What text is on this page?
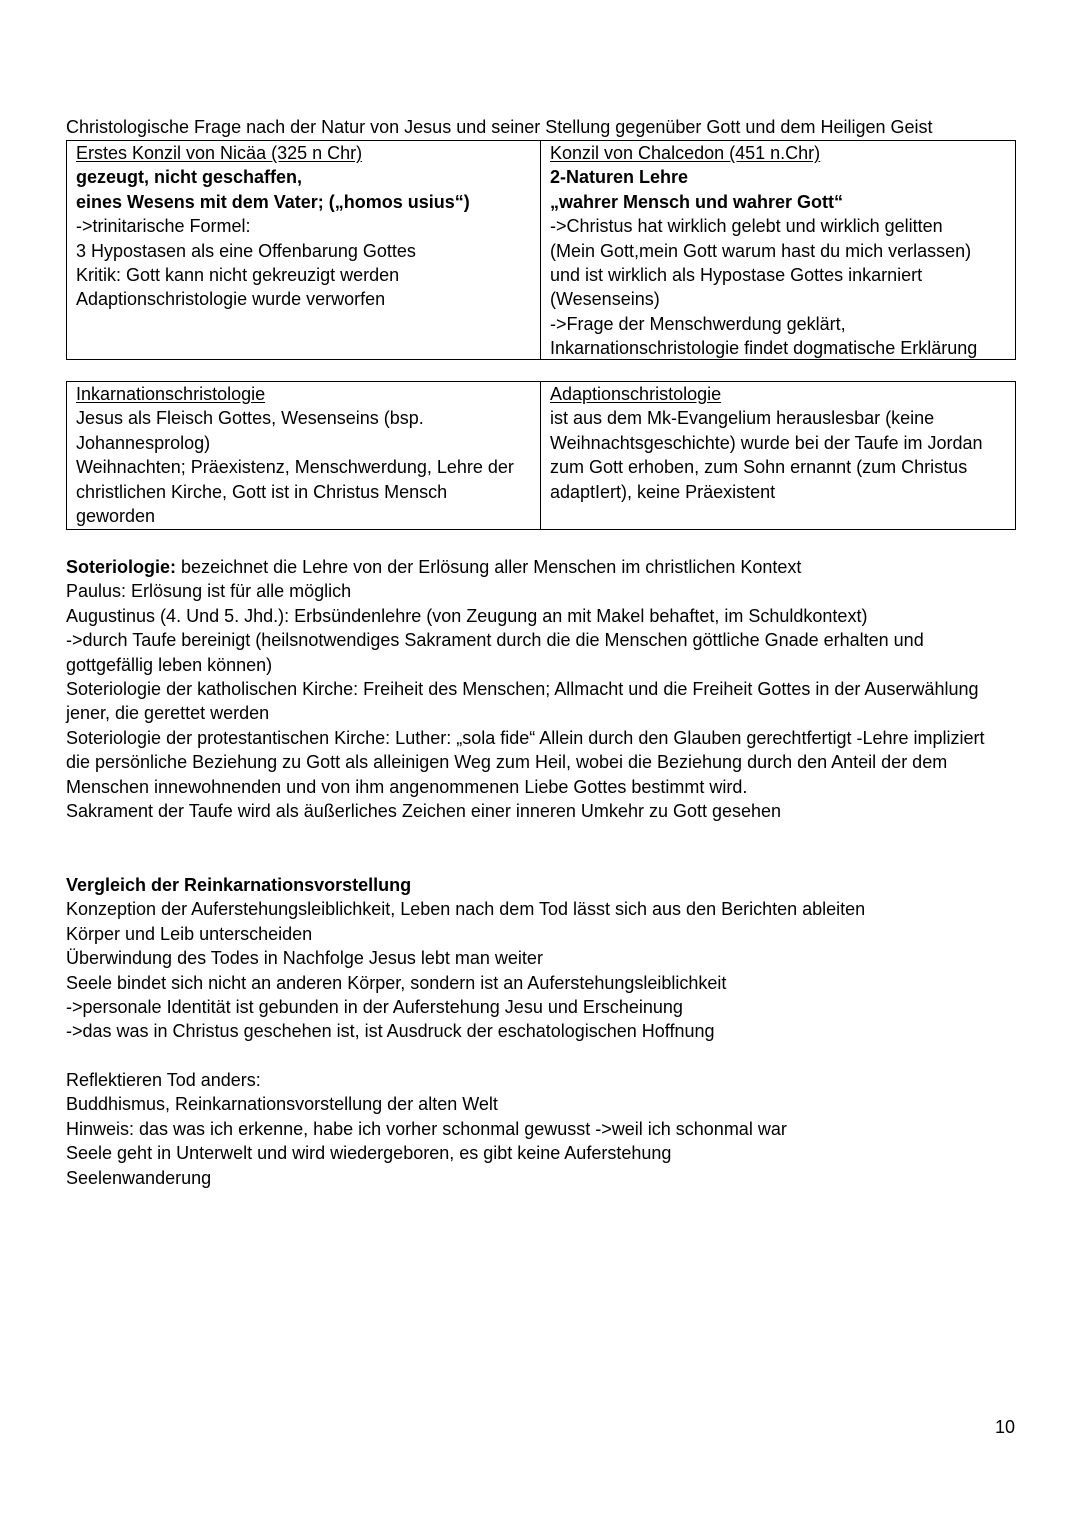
Christologische Frage nach der Natur von Jesus und seiner Stellung gegenüber Gott und dem Heiligen Geist
Erstes Konzil von Nicäa (325 n Chr)
gezeugt, nicht geschaffen,
eines Wesens mit dem Vater; („homos usius“)
->trinitarische Formel:
3 Hypostasen als eine Offenbarung Gottes
Kritik: Gott kann nicht gekreuzigt werden
Adaptionschristologie wurde verworfen
Konzil von Chalcedon (451 n.Chr)
2-Naturen Lehre
„wahrer Mensch und wahrer Gott“
->Christus hat wirklich gelebt und wirklich gelitten
(Mein Gott,mein Gott warum hast du mich verlassen)
und ist wirklich als Hypostase Gottes inkarniert
(Wesenseins)
->Frage der Menschwerdung geklärt,
Inkarnationschristologie findet dogmatische Erklärung
Inkarnationschristologie
Jesus als Fleisch Gottes, Wesenseins (bsp.
Johannesprolog)
Weihnachten; Präexistenz, Menschwerdung, Lehre der
christlichen Kirche, Gott ist in Christus Mensch
geworden
Adaptionschristologie
ist aus dem Mk-Evangelium herauslesbar (keine
Weihnachtsgeschichte) wurde bei der Taufe im Jordan
zum Gott erhoben, zum Sohn ernannt (zum Christus
adaptIert), keine Präexistent
Soteriologie: bezeichnet die Lehre von der Erlösung aller Menschen im christlichen Kontext
Paulus: Erlösung ist für alle möglich
Augustinus (4. Und 5. Jhd.): Erbsündenlehre (von Zeugung an mit Makel behaftet, im Schuldkontext)
->durch Taufe bereinigt (heilsnotwendiges Sakrament durch die die Menschen göttliche Gnade erhalten und
gottgefällig leben können)
Soteriologie der katholischen Kirche: Freiheit des Menschen; Allmacht und die Freiheit Gottes in der Auserwählung
jener, die gerettet werden
Soteriologie der protestantischen Kirche: Luther: „sola fide“ Allein durch den Glauben gerechtfertigt -Lehre impliziert
die persönliche Beziehung zu Gott als alleinigen Weg zum Heil, wobei die Beziehung durch den Anteil der dem
Menschen innewohnenden und von ihm angenommenen Liebe Gottes bestimmt wird.
Sakrament der Taufe wird als äußerliches Zeichen einer inneren Umkehr zu Gott gesehen
Vergleich der Reinkarnationsvorstellung
Konzeption der Auferstehungsleiblichkeit, Leben nach dem Tod lässt sich aus den Berichten ableiten
Körper und Leib unterscheiden
Überwindung des Todes in Nachfolge Jesus lebt man weiter
Seele bindet sich nicht an anderen Körper, sondern ist an Auferstehungsleiblichkeit
->personale Identität ist gebunden in der Auferstehung Jesu und Erscheinung
->das was in Christus geschehen ist, ist Ausdruck der eschatologischen Hoffnung
Reflektieren Tod anders:
Buddhismus, Reinkarnationsvorstellung der alten Welt
Hinweis: das was ich erkenne, habe ich vorher schonmal gewusst ->weil ich schonmal war
Seele geht in Unterwelt und wird wiedergeboren, es gibt keine Auferstehung
Seelenwanderung
10
